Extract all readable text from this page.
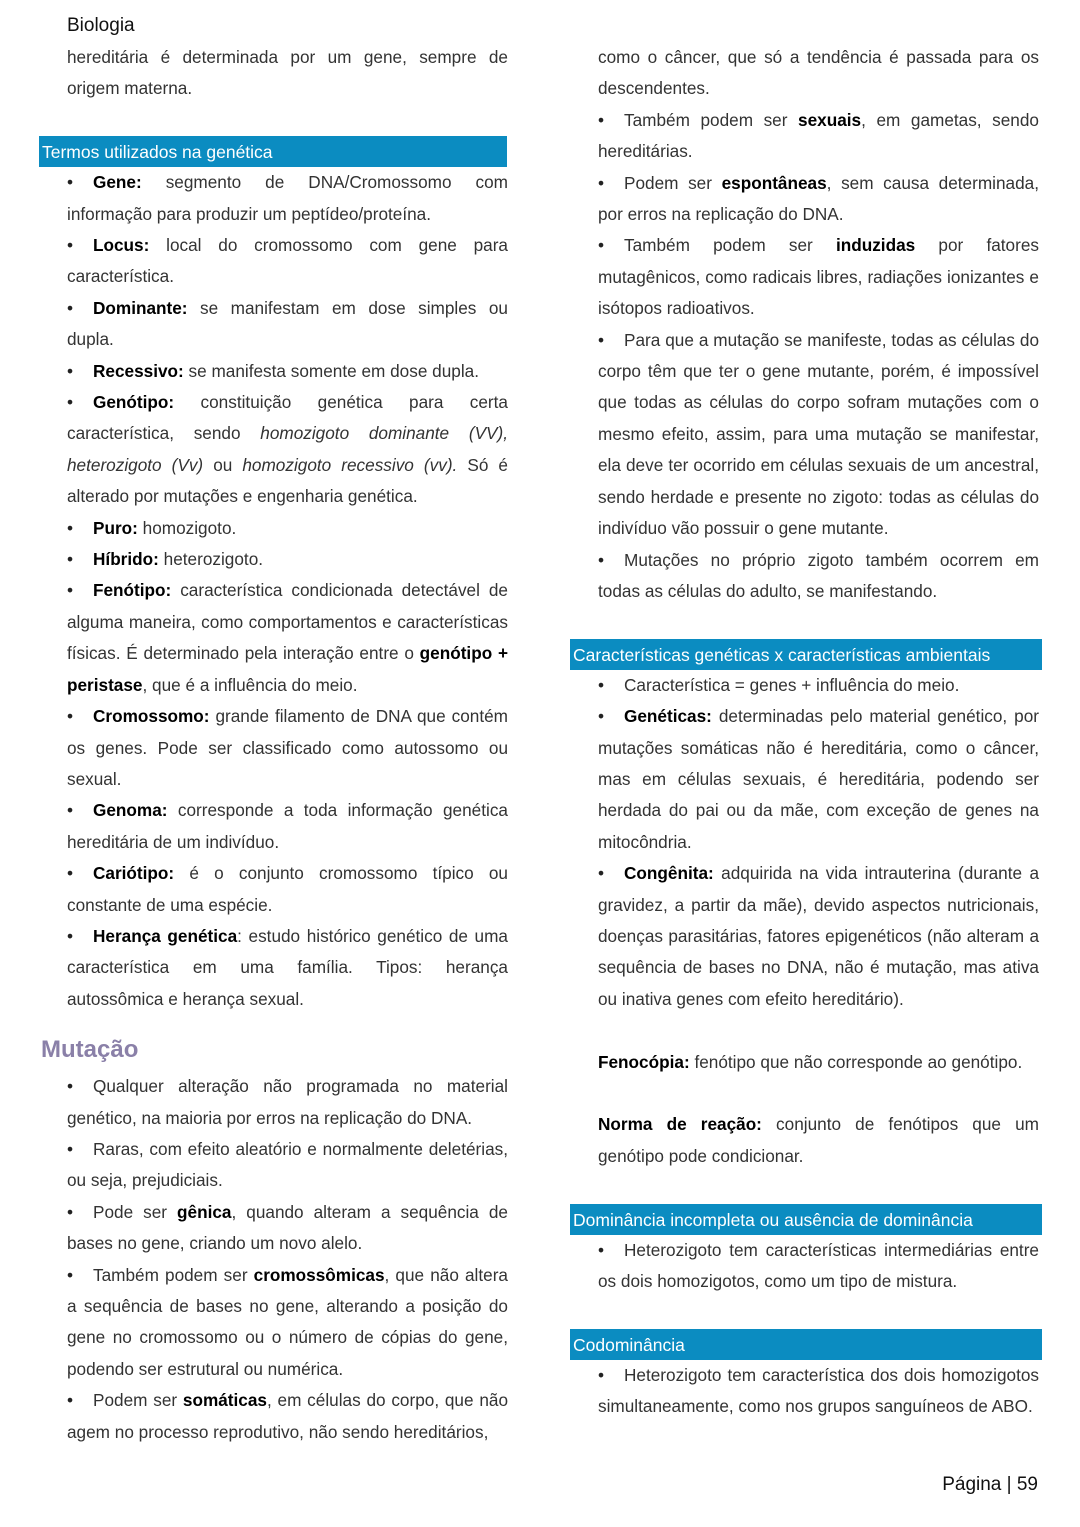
Biologia

hereditária é determinada por um gene, sempre de origem materna.

Termos utilizados na genética

• Gene: segmento de DNA/Cromossomo com informação para produzir um peptídeo/proteína.

• Locus: local do cromossomo com gene para característica.

• Dominante: se manifestam em dose simples ou dupla.

• Recessivo: se manifesta somente em dose dupla.

• Genótipo: constituição genética para certa característica, sendo homozigoto dominante (VV), heterozigoto (Vv) ou homozigoto recessivo (vv). Só é alterado por mutações e engenharia genética.

• Puro: homozigoto.

• Híbrido: heterozigoto.

• Fenótipo: característica condicionada detectável de alguma maneira, como comportamentos e características físicas. É determinado pela interação entre o genótipo + peristase, que é a influência do meio.

• Cromossomo: grande filamento de DNA que contém os genes. Pode ser classificado como autossomo ou sexual.

• Genoma: corresponde a toda informação genética hereditária de um indivíduo.

• Cariótipo: é o conjunto cromossomo típico ou constante de uma espécie.

• Herança genética: estudo histórico genético de uma característica em uma família. Tipos: herança autossômica e herança sexual.

Mutação

• Qualquer alteração não programada no material genético, na maioria por erros na replicação do DNA.

• Raras, com efeito aleatório e normalmente deletérias, ou seja, prejudiciais.

• Pode ser gênica, quando alteram a sequência de bases no gene, criando um novo alelo.

• Também podem ser cromossômicas, que não altera a sequência de bases no gene, alterando a posição do gene no cromossomo ou o número de cópias do gene, podendo ser estrutural ou numérica.

• Podem ser somáticas, em células do corpo, que não agem no processo reprodutivo, não sendo hereditários,

como o câncer, que só a tendência é passada para os descendentes.

• Também podem ser sexuais, em gametas, sendo hereditárias.

• Podem ser espontâneas, sem causa determinada, por erros na replicação do DNA.

• Também podem ser induzidas por fatores mutagênicos, como radicais libres, radiações ionizantes e isótopos radioativos.

• Para que a mutação se manifeste, todas as células do corpo têm que ter o gene mutante, porém, é impossível que todas as células do corpo sofram mutações com o mesmo efeito, assim, para uma mutação se manifestar, ela deve ter ocorrido em células sexuais de um ancestral, sendo herdade e presente no zigoto: todas as células do indivíduo vão possuir o gene mutante.

• Mutações no próprio zigoto também ocorrem em todas as células do adulto, se manifestando.

Características genéticas x características ambientais

• Característica = genes + influência do meio.

• Genéticas: determinadas pelo material genético, por mutações somáticas não é hereditária, como o câncer, mas em células sexuais, é hereditária, podendo ser herdada do pai ou da mãe, com exceção de genes na mitocôndria.

• Congênita: adquirida na vida intrauterina (durante a gravidez, a partir da mãe), devido aspectos nutricionais, doenças parasitárias, fatores epigenéticos (não alteram a sequência de bases no DNA, não é mutação, mas ativa ou inativa genes com efeito hereditário).

Fenocópia: fenótipo que não corresponde ao genótipo.

Norma de reação: conjunto de fenótipos que um genótipo pode condicionar.

Dominância incompleta ou ausência de dominância

• Heterozigoto tem características intermediárias entre os dois homozigotos, como um tipo de mistura.

Codominância

• Heterozigoto tem característica dos dois homozigotos simultaneamente, como nos grupos sanguíneos de ABO.

Página | 59
